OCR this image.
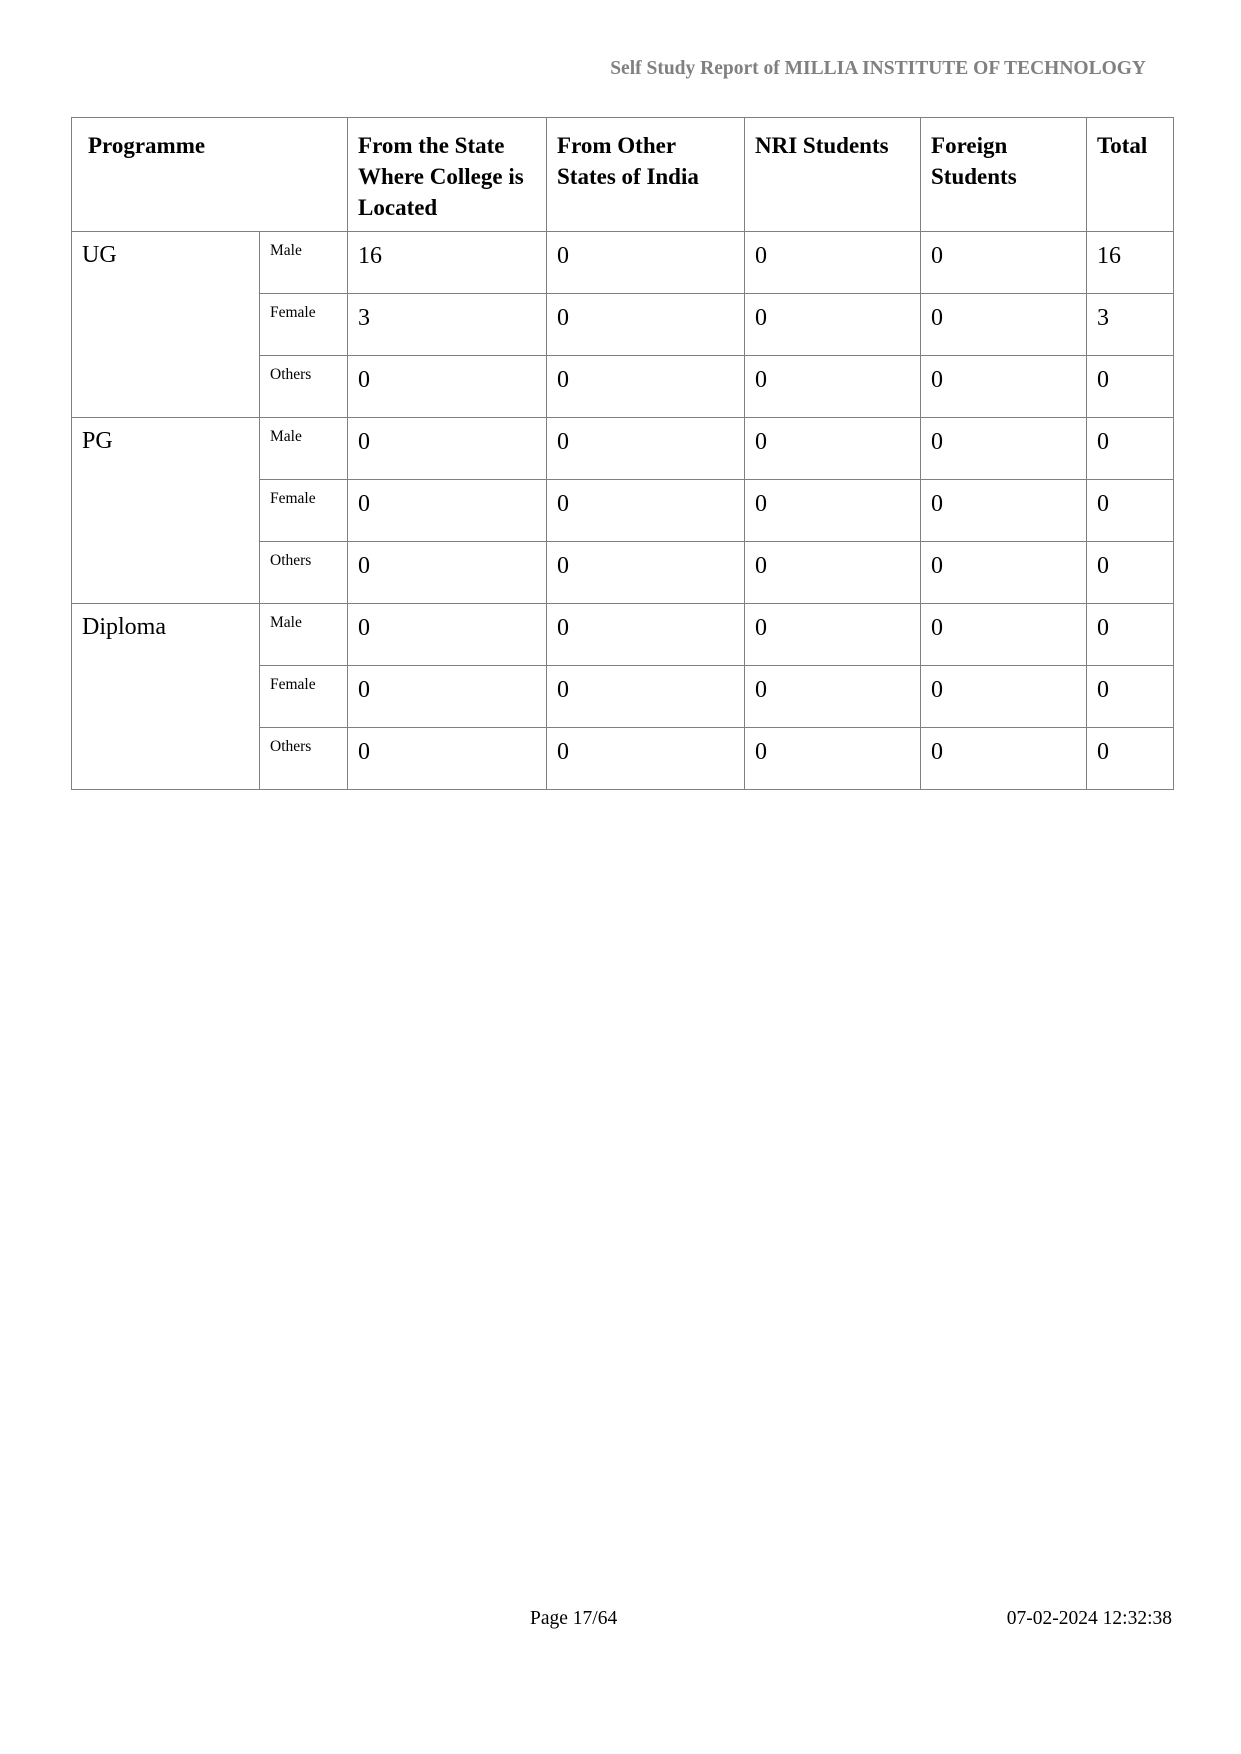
Self Study Report of MILLIA INSTITUTE OF TECHNOLOGY
Programme		From the State Where College is Located	From Other States of India	NRI Students	Foreign Students	Total
UG	Male	16	0	0	0	16
	Female	3	0	0	0	3
	Others	0	0	0	0	0
PG	Male	0	0	0	0	0
	Female	0	0	0	0	0
	Others	0	0	0	0	0
Diploma	Male	0	0	0	0	0
	Female	0	0	0	0	0
	Others	0	0	0	0	0
Page 17/64	07-02-2024 12:32:38
